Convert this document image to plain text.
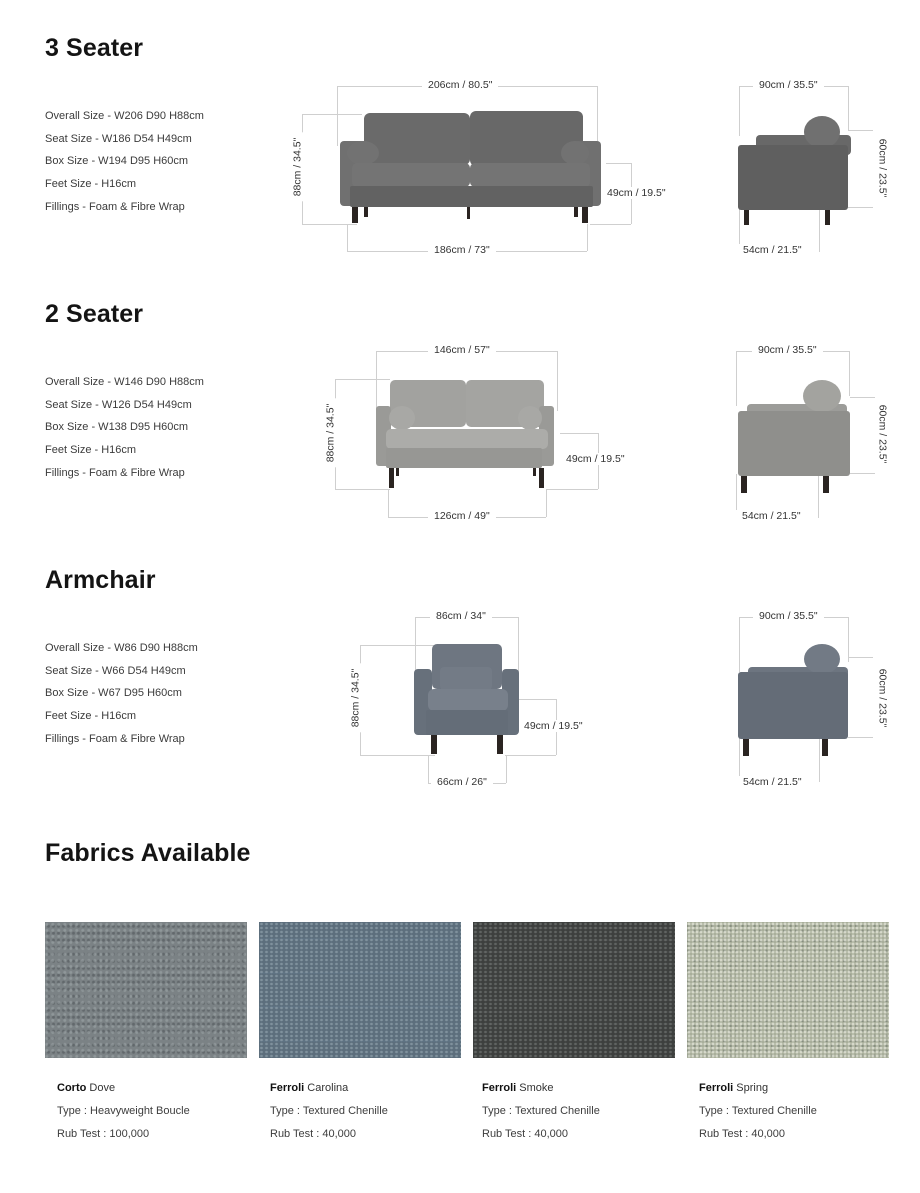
3 Seater
Overall Size - W206 D90 H88cm
Seat Size - W186 D54 H49cm
Box Size - W194 D95 H60cm
Feet Size - H16cm
Fillings - Foam & Fibre Wrap
206cm / 80.5"
88cm / 34.5"	49cm / 19.5"
186cm / 73"
90cm / 35.5"
60cm / 23.5"
54cm / 21.5"
2 Seater
Overall Size - W146 D90 H88cm
Seat Size - W126 D54 H49cm
Box Size - W138 D95 H60cm
Feet Size - H16cm
Fillings - Foam & Fibre Wrap
146cm / 57"
88cm / 34.5"	49cm / 19.5"
126cm / 49"
90cm / 35.5"
60cm / 23.5"
54cm / 21.5"
Armchair
Overall Size - W86 D90 H88cm
Seat Size - W66 D54 H49cm
Box Size - W67 D95 H60cm
Feet Size - H16cm
Fillings - Foam & Fibre Wrap
86cm / 34"
88cm / 34.5"	49cm / 19.5"
66cm / 26"
90cm / 35.5"
60cm / 23.5"
54cm / 21.5"
Fabrics Available
Corto Dove
Type : Heavyweight Boucle
Rub Test : 100,000
Ferroli Carolina
Type : Textured Chenille
Rub Test : 40,000
Ferroli Smoke
Type : Textured Chenille
Rub Test : 40,000
Ferroli Spring
Type : Textured Chenille
Rub Test : 40,000
